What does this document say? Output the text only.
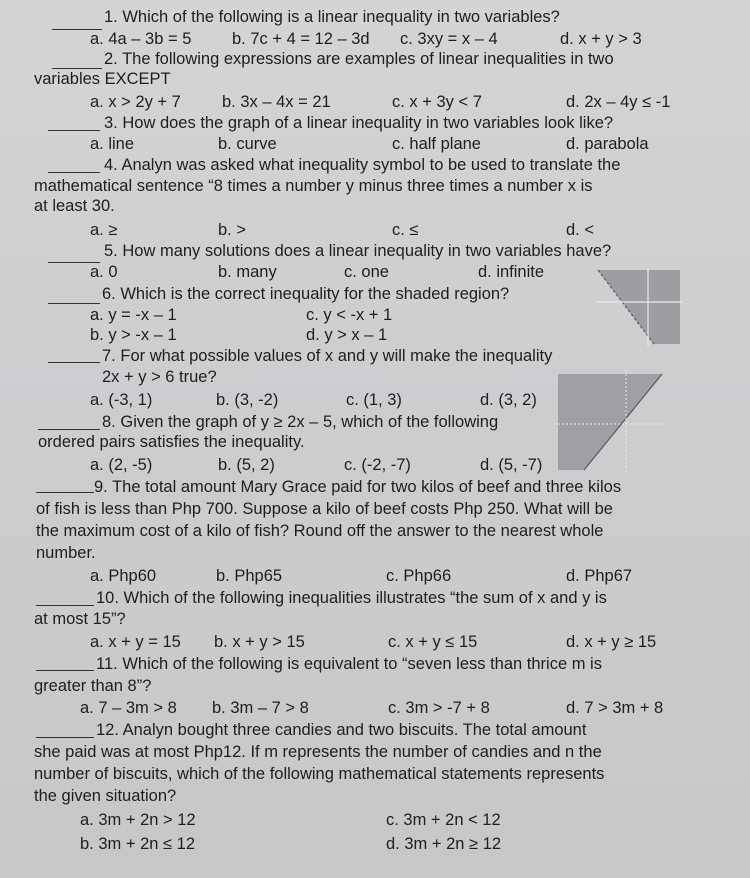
1. Which of the following is a linear inequality in two variables?
a. 4a – 3b = 5 b. 7c + 4 = 12 – 3d c. 3xy = x – 4	d. x + y > 3
2. The following expressions are examples of linear inequalities in two
variables EXCEPT
a. x > 2y + 7 b. 3x – 4x = 21	c. x + 3y < 7	d. 2x – 4y ≤ -1
3. How does the graph of a linear inequality in two variables look like?
a. line	b. curve	c. half plane	d. parabola
4. Analyn was asked what inequality symbol to be used to translate the
mathematical sentence “8 times a number y minus three times a number x is
at least 30.
a. ≥	b. >	c. ≤	d. <
5. How many solutions does a linear inequality in two variables have?
a. 0	b. many	c. one	d. infinite
6. Which is the correct inequality for the shaded region?
a. y = -x – 1	c. y < -x + 1
b. y > -x – 1	d. y > x – 1
7. For what possible values of x and y will make the inequality
2x + y > 6 true?
a. (-3, 1)	b. (3, -2)	c. (1, 3)	d. (3, 2)
8. Given the graph of y ≥ 2x – 5, which of the following
ordered pairs satisfies the inequality.
a. (2, -5)	b. (5, 2)	c. (-2, -7)	d. (5, -7)
9. The total amount Mary Grace paid for two kilos of beef and three kilos
of fish is less than Php 700. Suppose a kilo of beef costs Php 250. What will be
the maximum cost of a kilo of fish? Round off the answer to the nearest whole
number.
a. Php60	b. Php65	c. Php66	d. Php67
10. Which of the following inequalities illustrates “the sum of x and y is
at most 15”?
a. x + y = 15 b. x + y > 15	c. x + y ≤ 15	d. x + y ≥ 15
11. Which of the following is equivalent to “seven less than thrice m is
greater than 8”?
a. 7 – 3m > 8 b. 3m – 7 > 8	c. 3m > -7 + 8	d. 7 > 3m + 8
12. Analyn bought three candies and two biscuits. The total amount
she paid was at most Php12. If m represents the number of candies and n the
number of biscuits, which of the following mathematical statements represents
the given situation?
a. 3m + 2n > 12	c. 3m + 2n < 12
b. 3m + 2n ≤ 12	d. 3m + 2n ≥ 12
